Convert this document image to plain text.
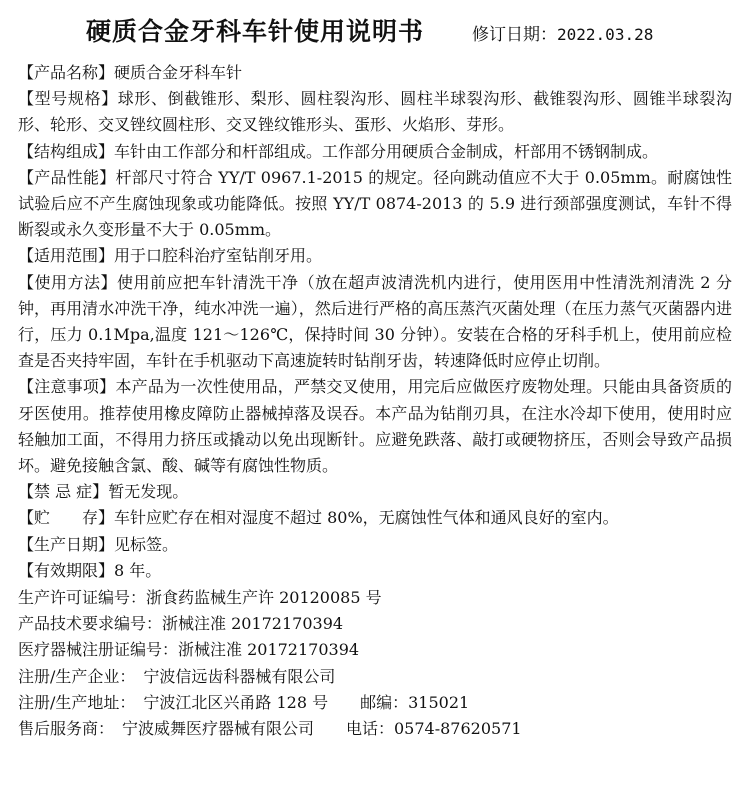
硬质合金牙科车针使用说明书	修订日期： 2022.03.28
【产品名称】硬质合金牙科车针
【型号规格】球形、倒截锥形、梨形、圆柱裂沟形、圆柱半球裂沟形、截锥裂沟形、圆锥半球裂沟形、轮形、交叉锉纹圆柱形、交叉锉纹锥形头、蛋形、火焰形、芽形。
【结构组成】车针由工作部分和杆部组成。工作部分用硬质合金制成，杆部用不锈钢制成。
【产品性能】杆部尺寸符合 YY/T 0967.1-2015 的规定。径向跳动值应不大于 0.05mm。耐腐蚀性试验后应不产生腐蚀现象或功能降低。按照 YY/T 0874-2013 的 5.9 进行颈部强度测试，车针不得断裂或永久变形量不大于 0.05mm。
【适用范围】用于口腔科治疗室钻削牙用。
【使用方法】使用前应把车针清洗干净（放在超声波清洗机内进行，使用医用中性清洗剂清洗 2 分钟，再用清水冲洗干净，纯水冲洗一遍），然后进行严格的高压蒸汽灭菌处理（在压力蒸气灭菌器内进行，压力 0.1Mpa,温度 121～126℃，保持时间 30 分钟）。安装在合格的牙科手机上，使用前应检查是否夹持牢固，车针在手机驱动下高速旋转时钻削牙齿，转速降低时应停止切削。
【注意事项】本产品为一次性使用品，严禁交叉使用，用完后应做医疗废物处理。只能由具备资质的牙医使用。推荐使用橡皮障防止器械掉落及误吞。本产品为钻削刃具，在注水冷却下使用，使用时应轻触加工面，不得用力挤压或撬动以免出现断针。应避免跌落、敲打或硬物挤压，否则会导致产品损坏。避免接触含氯、酸、碱等有腐蚀性物质。
【禁 忌 症】暂无发现。
【贮　　存】车针应贮存在相对湿度不超过 80%，无腐蚀性气体和通风良好的室内。
【生产日期】见标签。
【有效期限】8 年。
生产许可证编号：浙食药监械生产许 20120085 号
产品技术要求编号：浙械注准 20172170394
医疗器械注册证编号：浙械注准 20172170394
注册/生产企业：　宁波信远齿科器械有限公司
注册/生产地址：　宁波江北区兴甬路 128 号　　邮编：315021
售后服务商：　宁波威舞医疗器械有限公司　　电话：0574-87620571
